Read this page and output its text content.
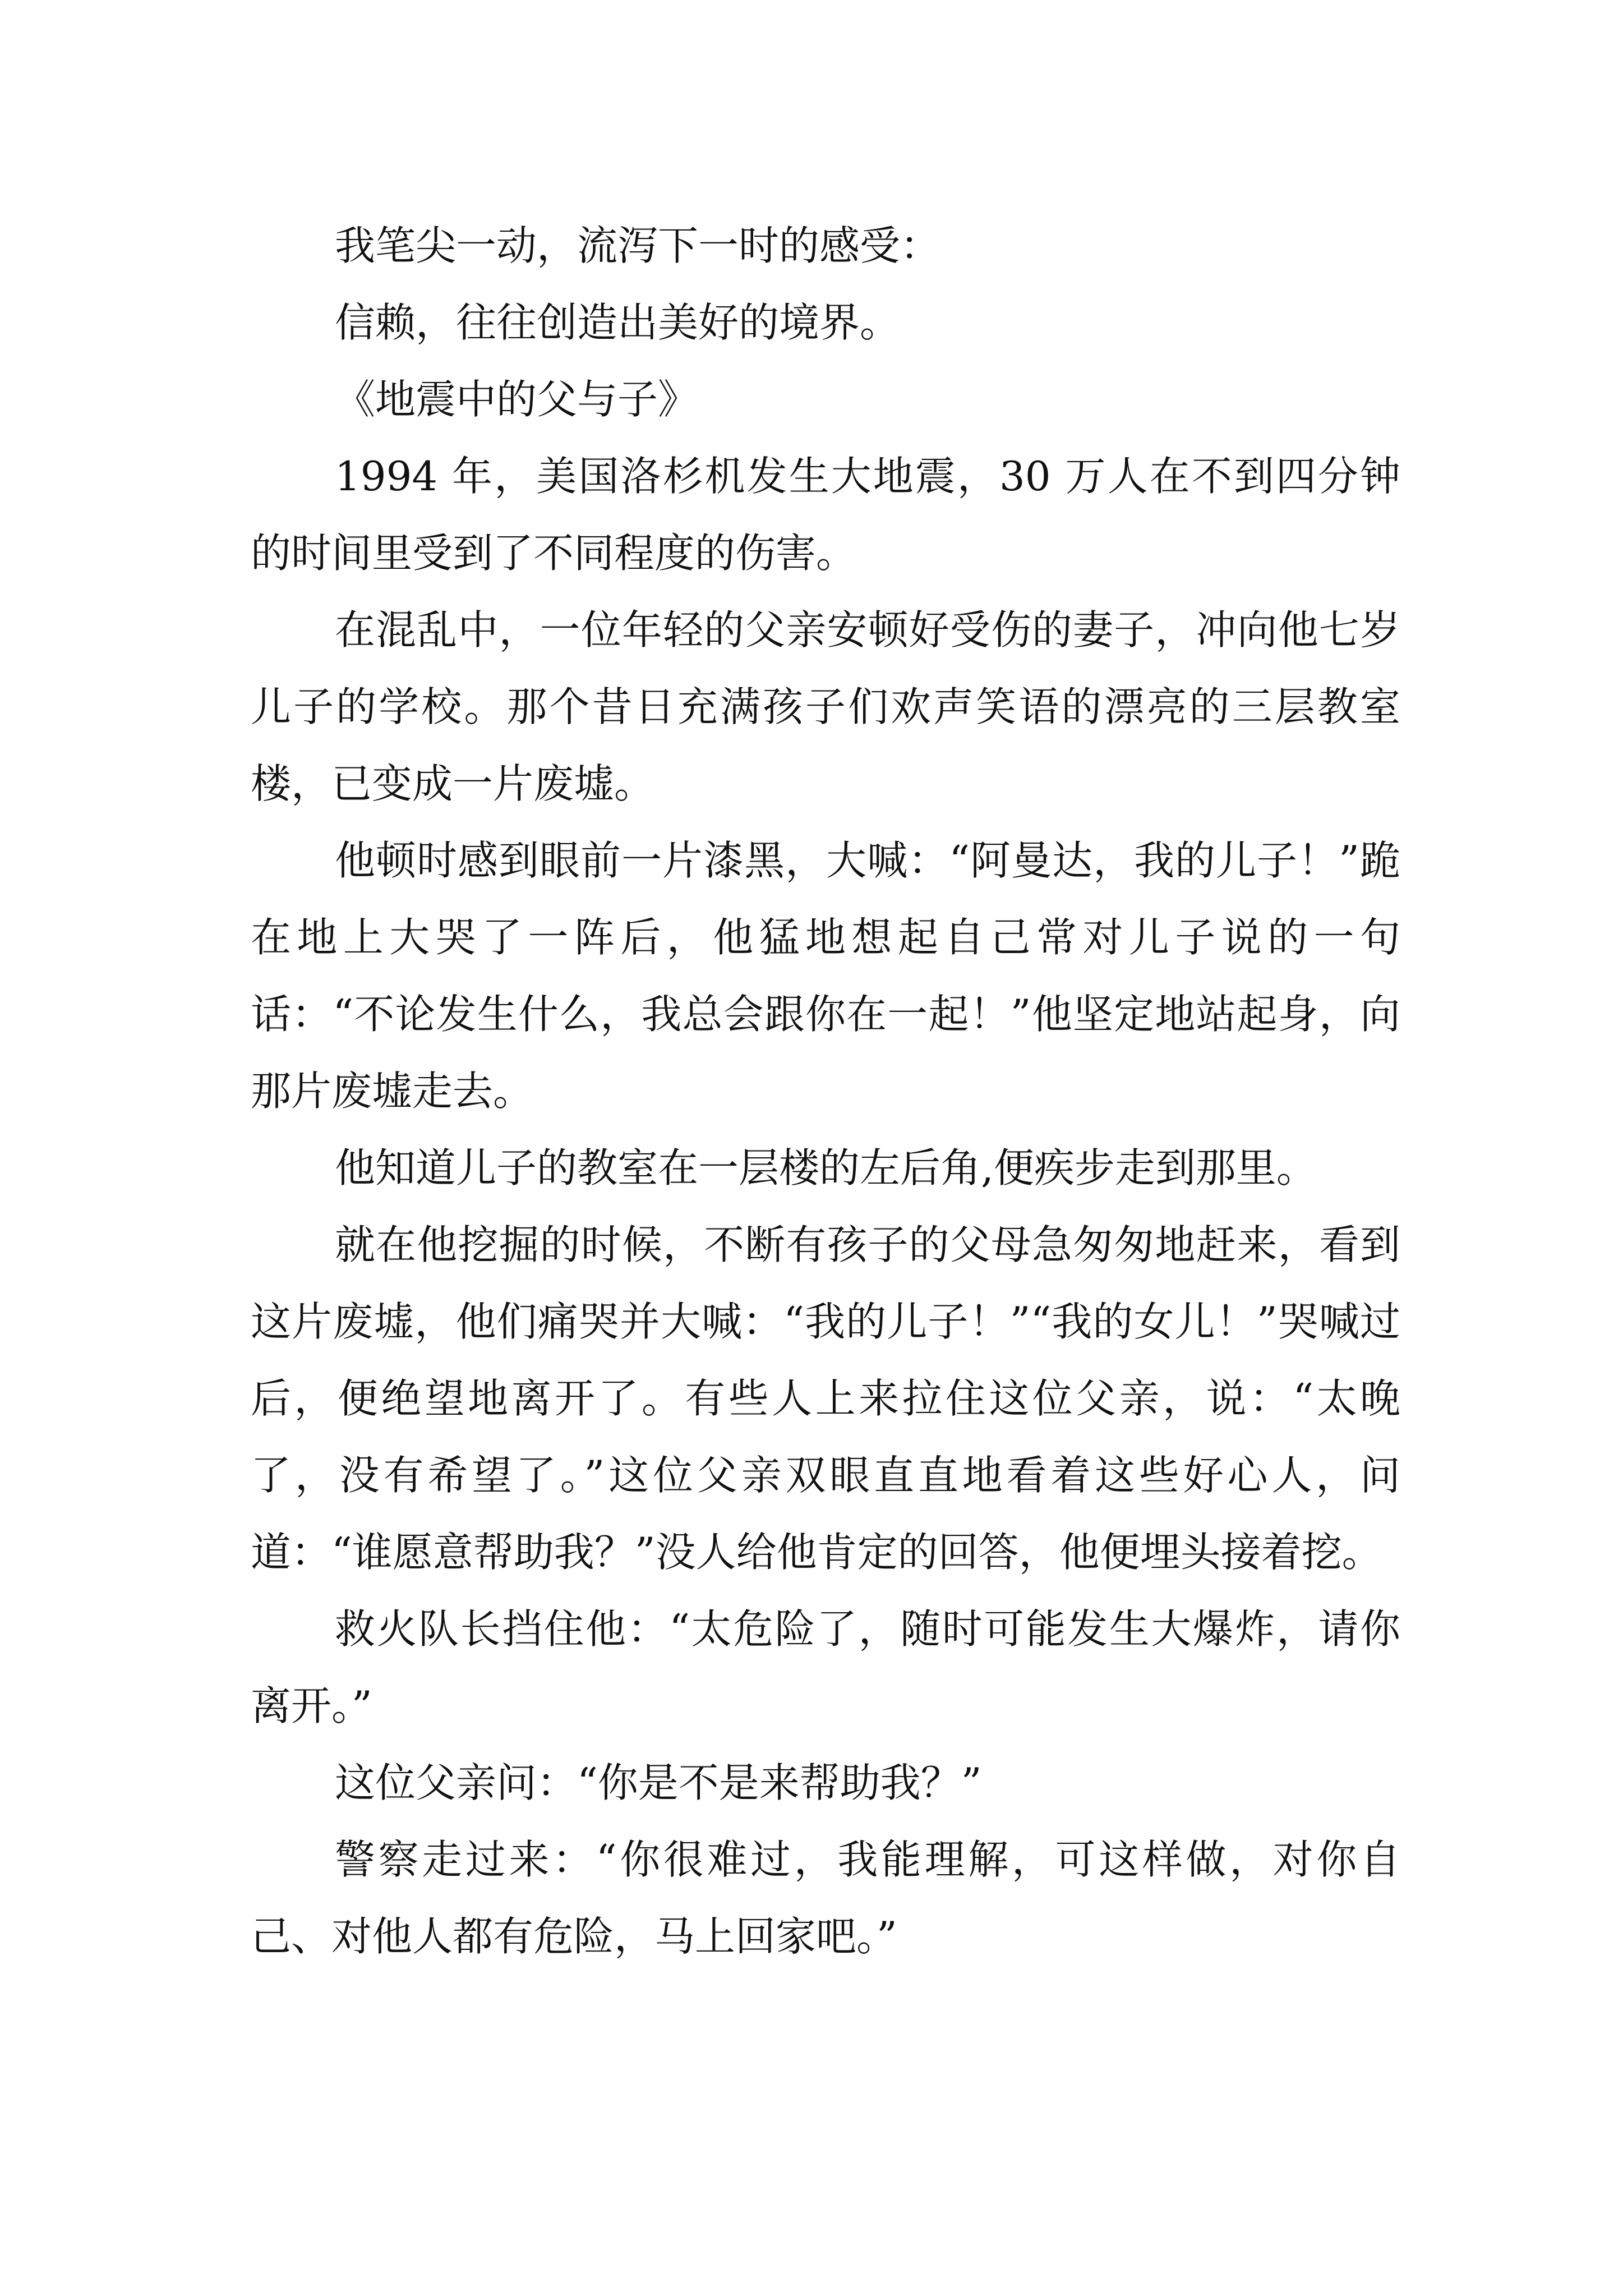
我笔尖一动，流泻下一时的感受：

信赖，往往创造出美好的境界。

《地震中的父与子》

1994 年，美国洛杉机发生大地震，30 万人在不到四分钟的时间里受到了不同程度的伤害。

在混乱中，一位年轻的父亲安顿好受伤的妻子，冲向他七岁儿子的学校。那个昔日充满孩子们欢声笑语的漂亮的三层教室楼，已变成一片废墟。

他顿时感到眼前一片漆黑，大喊：“阿曼达，我的儿子！”跪在地上大哭了一阵后，他猛地想起自己常对儿子说的一句话：“不论发生什么，我总会跟你在一起！”他坚定地站起身，向那片废墟走去。

他知道儿子的教室在一层楼的左后角,便疾步走到那里。

就在他挖掘的时候，不断有孩子的父母急匆匆地赶来，看到这片废墟，他们痛哭并大喊：“我的儿子！”“我的女儿！”哭喊过后，便绝望地离开了。有些人上来拉住这位父亲，说：“太晚了，没有希望了。”这位父亲双眼直直地看着这些好心人，问道：“谁愿意帮助我？”没人给他肯定的回答，他便埋头接着挖。

救火队长挡住他：“太危险了，随时可能发生大爆炸，请你离开。”

这位父亲问：“你是不是来帮助我？”

警察走过来：“你很难过，我能理解，可这样做，对你自己、对他人都有危险，马上回家吧。”
